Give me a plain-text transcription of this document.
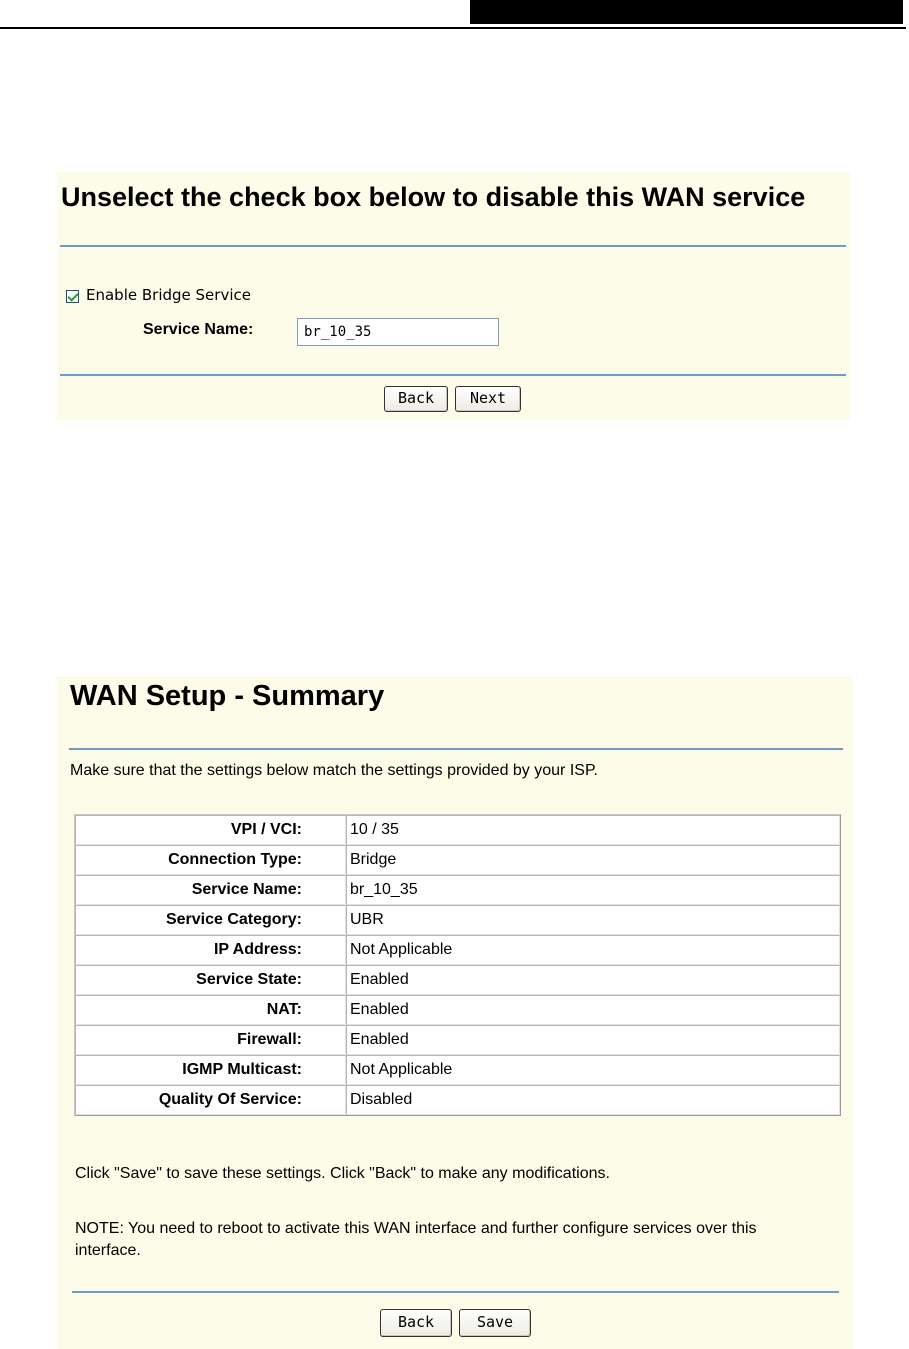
Unselect the check box below to disable this WAN service
Enable Bridge Service
Service Name:	br_10_35
Back	Next
WAN Setup - Summary
Make sure that the settings below match the settings provided by your ISP.
VPI / VCI:	10 / 35
Connection Type:	Bridge
Service Name:	br_10_35
Service Category:	UBR
IP Address:	Not Applicable
Service State:	Enabled
NAT:	Enabled
Firewall:	Enabled
IGMP Multicast:	Not Applicable
Quality Of Service:	Disabled
Click "Save" to save these settings. Click "Back" to make any modifications.
NOTE: You need to reboot to activate this WAN interface and further configure services over this
interface.
Back	Save
